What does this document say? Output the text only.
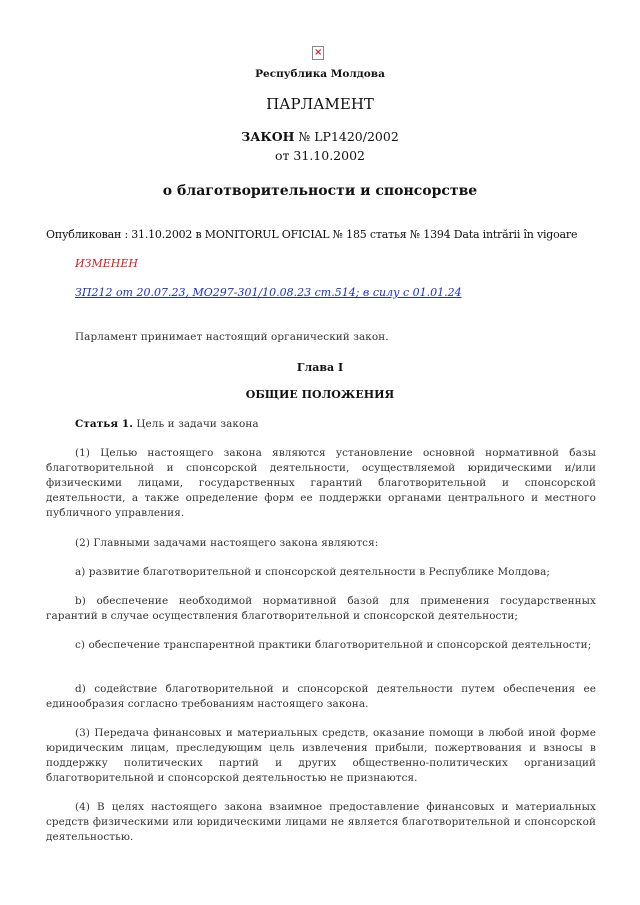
×
Республика Молдова
ПАРЛАМЕНТ
ЗАКОН № LP1420/2002
от 31.10.2002
о благотворительности и спонсорстве
Опубликован : 31.10.2002 в MONITORUL OFICIAL № 185 статья № 1394 Data intrării în vigoare
ИЗМЕНЕН
ЗП212 от 20.07.23, МО297-301/10.08.23 ст.514; в силу с 01.01.24
Парламент принимает настоящий органический закон.
Глава I
ОБЩИЕ ПОЛОЖЕНИЯ
Статья 1. Цель и задачи закона
(1) Целью настоящего закона являются установление основной нормативной базы благотворительной и спонсорской деятельности, осуществляемой юридическими и/или физическими лицами, государственных гарантий благотворительной и спонсорской деятельности, а также определение форм ее поддержки органами центрального и местного публичного управления.
(2) Главными задачами настоящего закона являются:
a) развитие благотворительной и спонсорской деятельности в Республике Молдова;
b) обеспечение необходимой нормативной базой для применения государственных гарантий в случае осуществления благотворительной и спонсорской деятельности;
c) обеспечение транспарентной практики благотворительной и спонсорской деятельности;
d) содействие благотворительной и спонсорской деятельности путем обеспечения ее единообразия согласно требованиям настоящего закона.
(3) Передача финансовых и материальных средств, оказание помощи в любой иной форме юридическим лицам, преследующим цель извлечения прибыли, пожертвования и взносы в поддержку политических партий и других общественно-политических организаций благотворительной и спонсорской деятельностью не признаются.
(4) В целях настоящего закона взаимное предоставление финансовых и материальных средств физическими или юридическими лицами не является благотворительной и спонсорской деятельностью.
